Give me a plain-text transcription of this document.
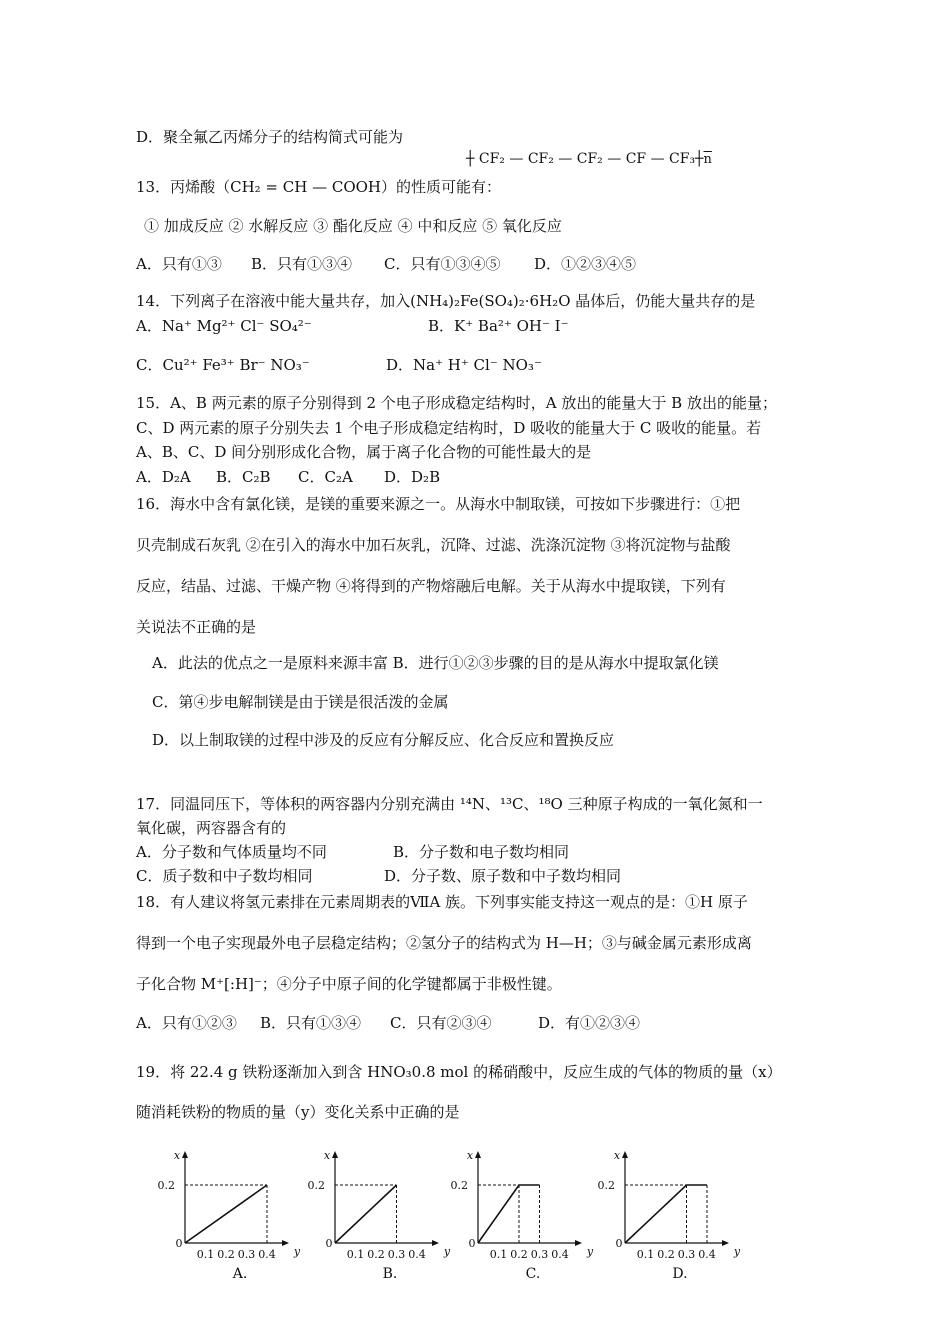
D．聚全氟乙丙烯分子的结构简式可能为
┼ CF₂ — CF₂ — CF₂ — CF — $CF_3┼\overline{n}$
13．丙烯酸（CH₂ = CH — COOH）的性质可能有：
① 加成反应 ② 水解反应 ③ 酯化反应 ④ 中和反应 ⑤ 氧化反应
A．只有①③ B．只有①③④ C．只有①③④⑤ D．①②③④⑤
14．下列离子在溶液中能大量共存，加入(NH₄)₂Fe(SO₄)₂·6H₂O 晶体后，仍能大量共存的是
A．Na⁺ Mg²⁺ Cl⁻ SO₄²⁻	B．K⁺ Ba²⁺ OH⁻ I⁻
C．Cu²⁺ Fe³⁺ Br⁻ NO₃⁻	D．Na⁺ H⁺ Cl⁻ NO₃⁻
15．A、B 两元素的原子分别得到 2 个电子形成稳定结构时，A 放出的能量大于 B 放出的能量；
C、D 两元素的原子分别失去 1 个电子形成稳定结构时，D 吸收的能量大于 C 吸收的能量。若
A、B、C、D 间分别形成化合物，属于离子化合物的可能性最大的是
A．D₂A B．C₂B C．C₂A D．D₂B
16．海水中含有氯化镁，是镁的重要来源之一。从海水中制取镁，可按如下步骤进行：①把
贝壳制成石灰乳 ②在引入的海水中加石灰乳，沉降、过滤、洗涤沉淀物 ③将沉淀物与盐酸
反应，结晶、过滤、干燥产物 ④将得到的产物熔融后电解。关于从海水中提取镁，下列有
关说法不正确的是
A．此法的优点之一是原料来源丰富 B．进行①②③步骤的目的是从海水中提取氯化镁
C．第④步电解制镁是由于镁是很活泼的金属
D．以上制取镁的过程中涉及的反应有分解反应、化合反应和置换反应
17．同温同压下，等体积的两容器内分别充满由 ¹⁴N、¹³C、¹⁸O 三种原子构成的一氧化氮和一
氧化碳，两容器含有的
A．分子数和气体质量均不同	B．分子数和电子数均相同
C．质子数和中子数均相同	D．分子数、原子数和中子数均相同
18．有人建议将氢元素排在元素周期表的ⅦA 族。下列事实能支持这一观点的是：①H 原子
得到一个电子实现最外电子层稳定结构；②氢分子的结构式为 H—H；③与碱金属元素形成离
子化合物 M⁺[:H]⁻；④分子中原子间的化学键都属于非极性键。
A．只有①②③ B．只有①③④ C．只有②③④	D．有①②③④
19．将 22.4 g 铁粉逐渐加入到含 HNO₃0.8 mol 的稀硝酸中，反应生成的气体的物质的量（x）
随消耗铁粉的物质的量（y）变化关系中正确的是
x
y
0
0.1 0.2 0.3 0.4
0.2
A.
x
y
0
0.1 0.2 0.3 0.4
0.2
B.
x
y
0
0.1 0.2 0.3 0.4
0.2
C.
x
y
0
0.1 0.2 0.3 0.4
0.2
D.
